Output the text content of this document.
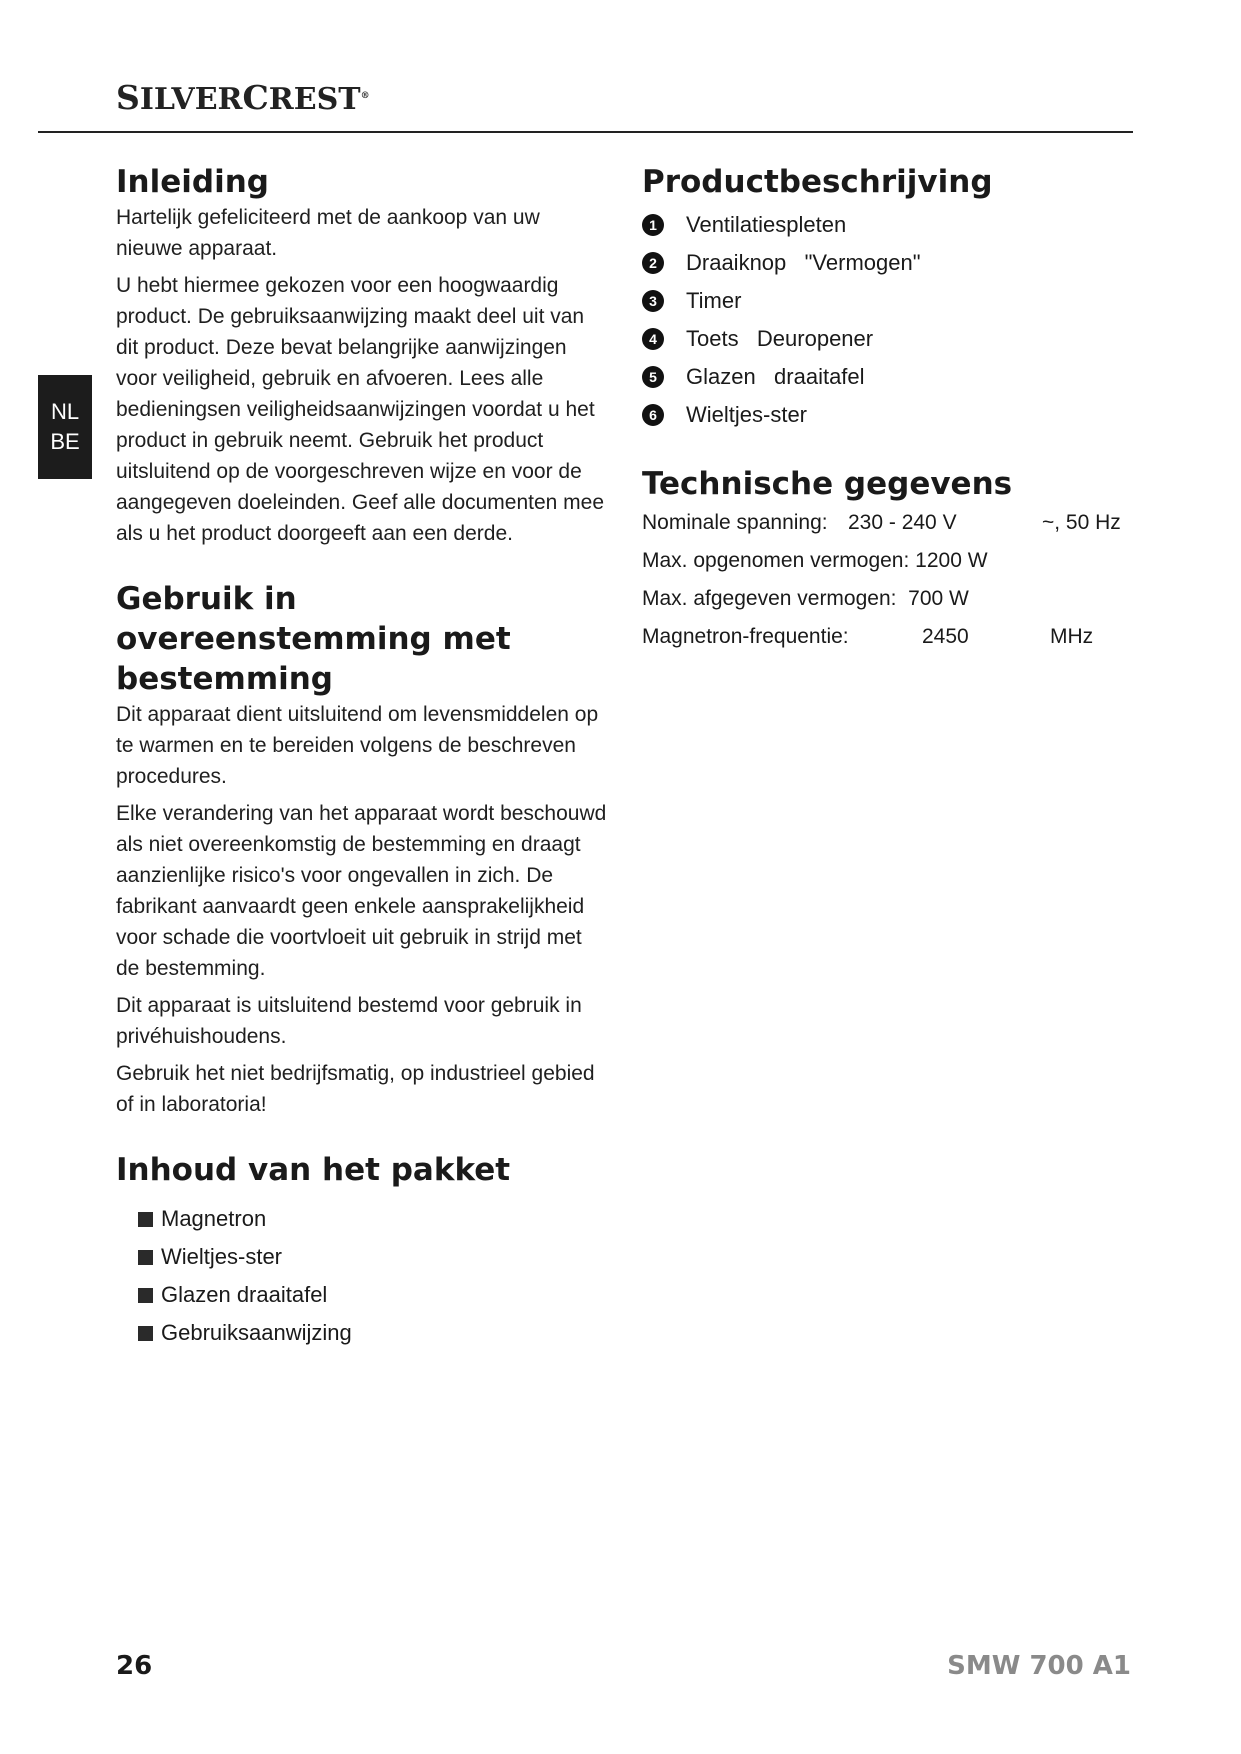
SILVERCREST®
NL
BE
Inleiding

Hartelijk gefeliciteerd met de aankoop van uw nieuwe apparaat.

U hebt hiermee gekozen voor een hoogwaardig product. De gebruiksaanwijzing maakt deel uit van dit product. Deze bevat belangrijke aanwijzingen voor veiligheid, gebruik en afvoeren. Lees alle bedieningsen veiligheidsaanwijzingen voordat u het product in gebruik neemt. Gebruik het product uitsluitend op de voorgeschreven wijze en voor de aangegeven doeleinden. Geef alle documenten mee als u het product doorgeeft aan een derde.

Gebruik in overeenstemming met bestemming

Dit apparaat dient uitsluitend om levensmiddelen op te warmen en te bereiden volgens de beschreven procedures.

Elke verandering van het apparaat wordt beschouwd als niet overeenkomstig de bestemming en draagt aanzienlijke risico's voor ongevallen in zich. De fabrikant aanvaardt geen enkele aansprakelijkheid voor schade die voortvloeit uit gebruik in strijd met de bestemming.

Dit apparaat is uitsluitend bestemd voor gebruik in privéhuishoudens.

Gebruik het niet bedrijfsmatig, op industrieel gebied of in laboratoria!

Inhoud van het pakket
Magnetron
Wieltjes-ster
Glazen draaitafel
Gebruiksaanwijzing
Productbeschrijving
1	Ventilatiespleten
2	Draaiknop   "Vermogen"
3	Timer
4	Toets   Deuropener
5	Glazen   draaitafel
6	Wieltjes-ster
Technische gegevens
Nominale spanning: 230 - 240 V	~, 50 Hz
Max. opgenomen vermogen: 1200 W
Max. afgegeven vermogen:  700 W
Magnetron-frequentie:	2450	MHz
26	SMW 700 A1
